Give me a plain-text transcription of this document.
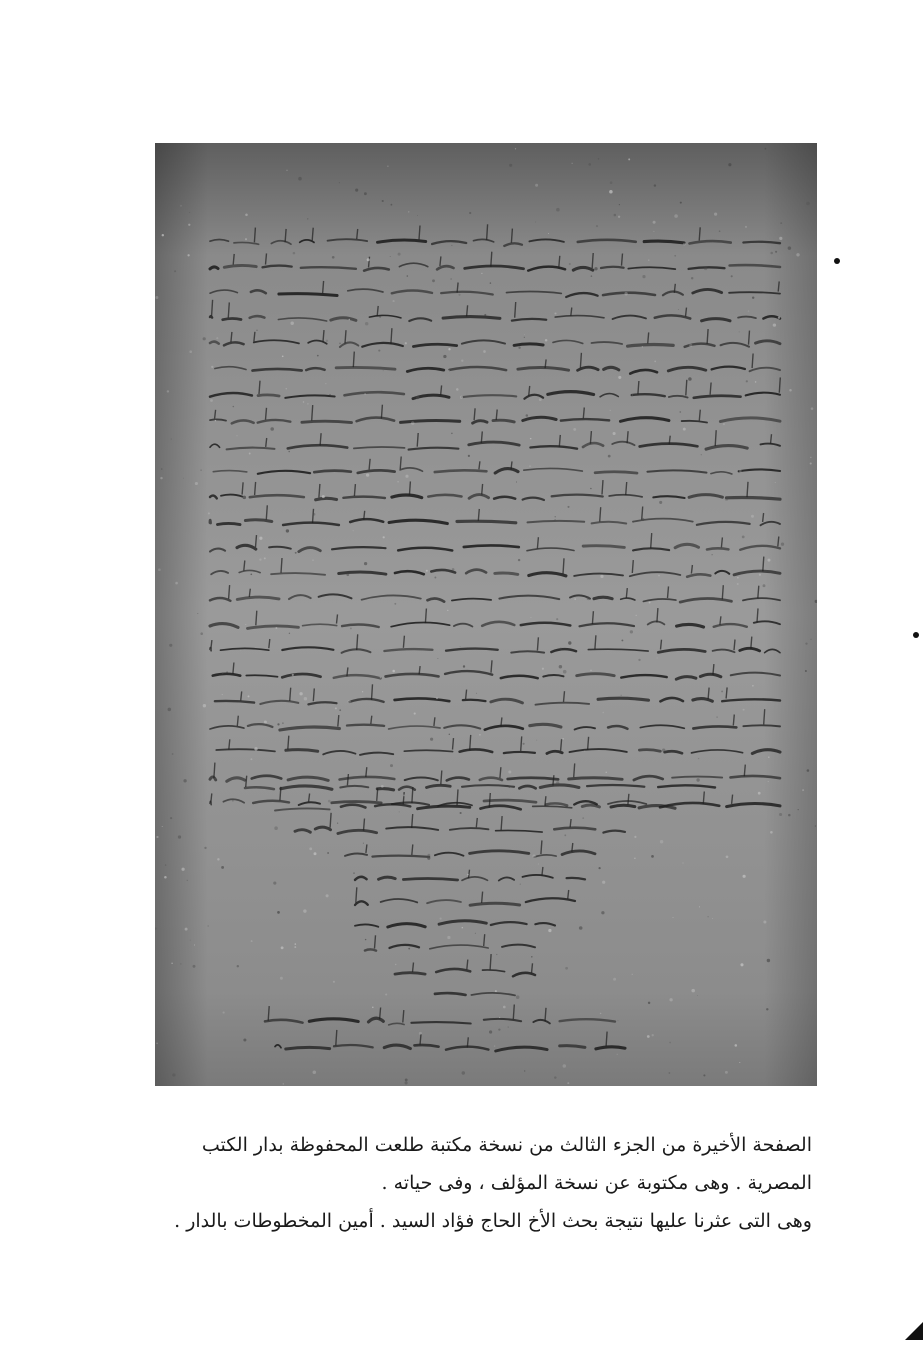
الصفحة الأخيرة من الجزء الثالث من نسخة مكتبة طلعت المحفوظة بدار الكتب

المصرية . وهى مكتوبة عن نسخة المؤلف ، وفى حياته .

وهى التى عثرنا عليها نتيجة بحث الأخ الحاج فؤاد السيد . أمين المخطوطات بالدار .
